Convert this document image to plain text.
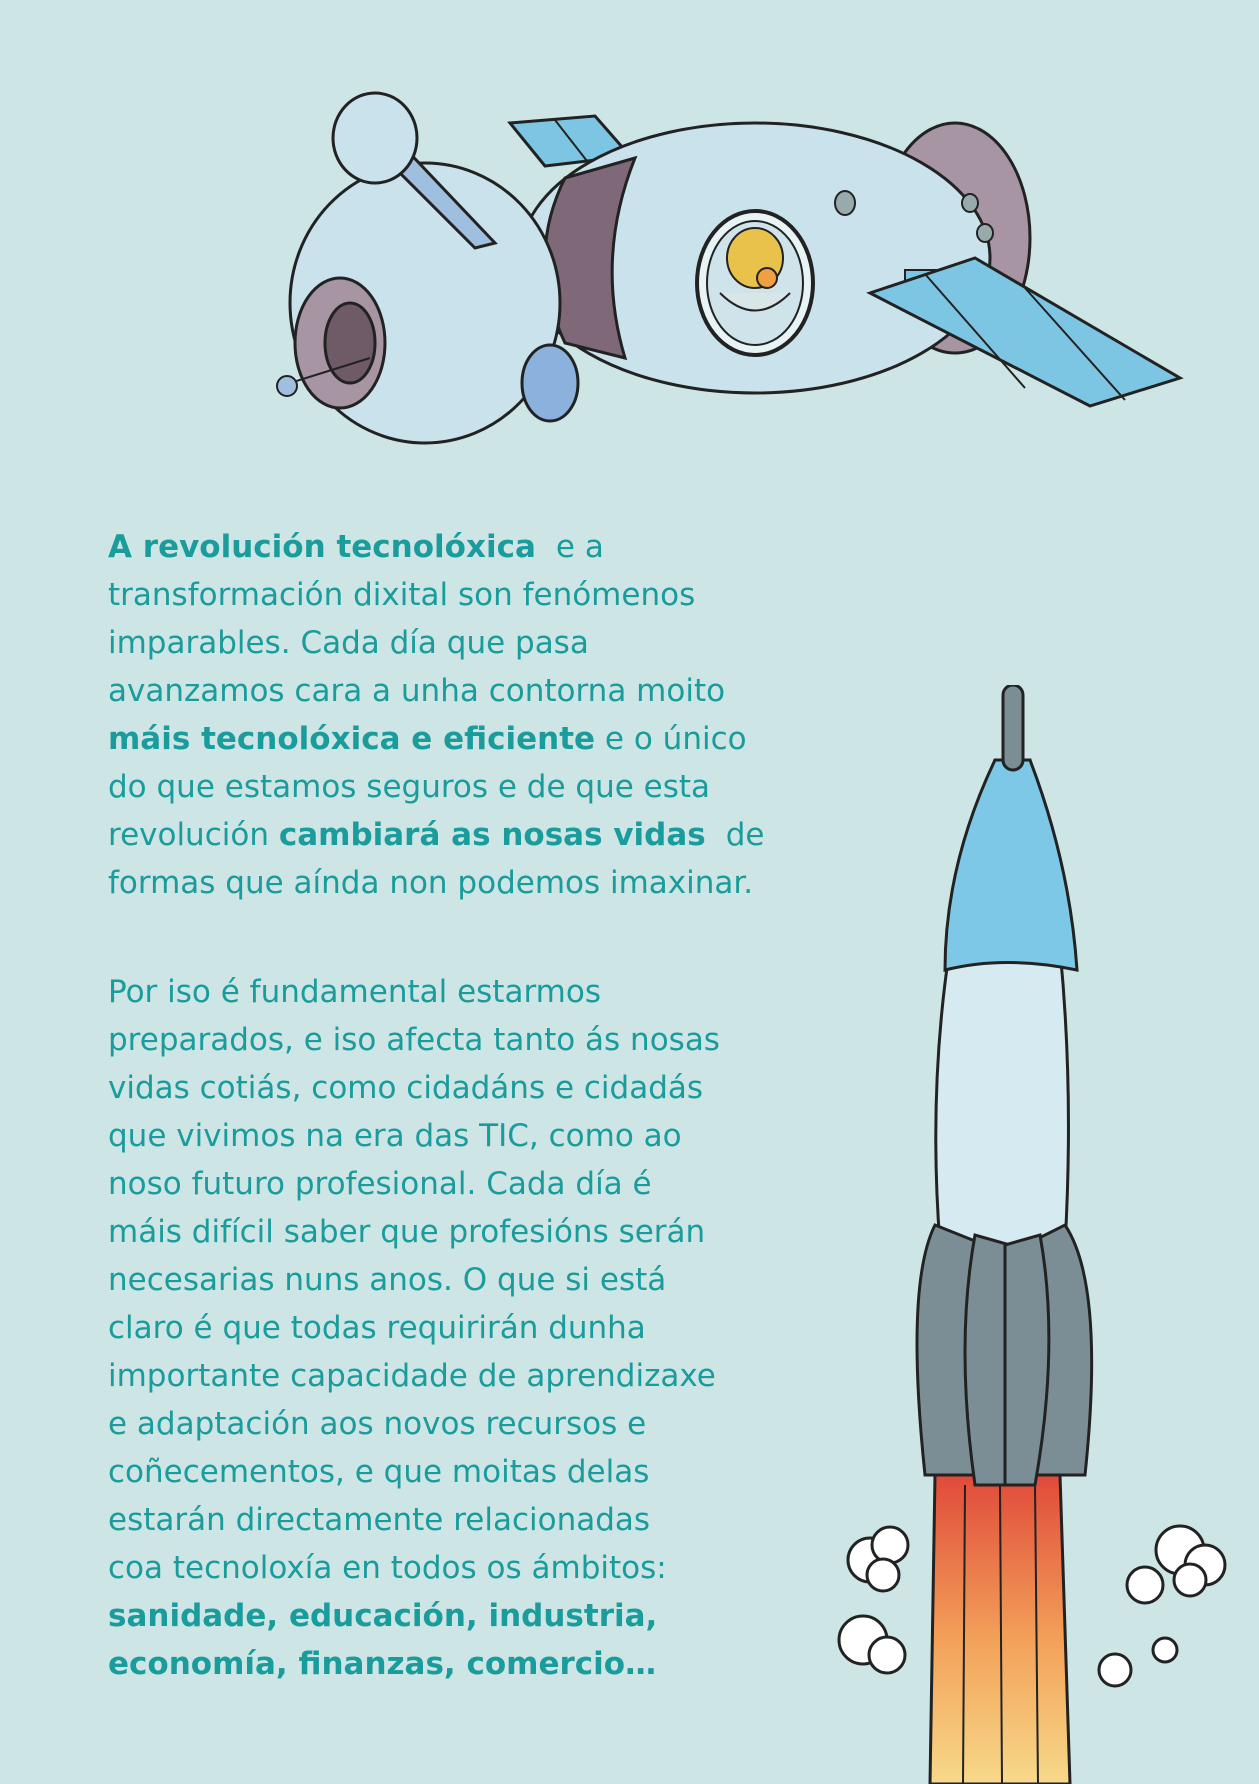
A revolución tecnolóxica e a
transformación dixital son fenómenos
imparables. Cada día que pasa
avanzamos cara a unha contorna moito
máis tecnolóxica e eficiente e o único
do que estamos seguros e de que esta
revolución cambiará as nosas vidas de
formas que aínda non podemos imaxinar.
Por iso é fundamental estarmos
preparados, e iso afecta tanto ás nosas
vidas cotiás, como cidadáns e cidadás
que vivimos na era das TIC, como ao
noso futuro profesional. Cada día é
máis difícil saber que profesións serán
necesarias nuns anos. O que si está
claro é que todas requirirán dunha
importante capacidade de aprendizaxe
e adaptación aos novos recursos e
coñecementos, e que moitas delas
estarán directamente relacionadas
coa tecnoloxía en todos os ámbitos:
sanidade, educación, industria,
economía, finanzas, comercio…
